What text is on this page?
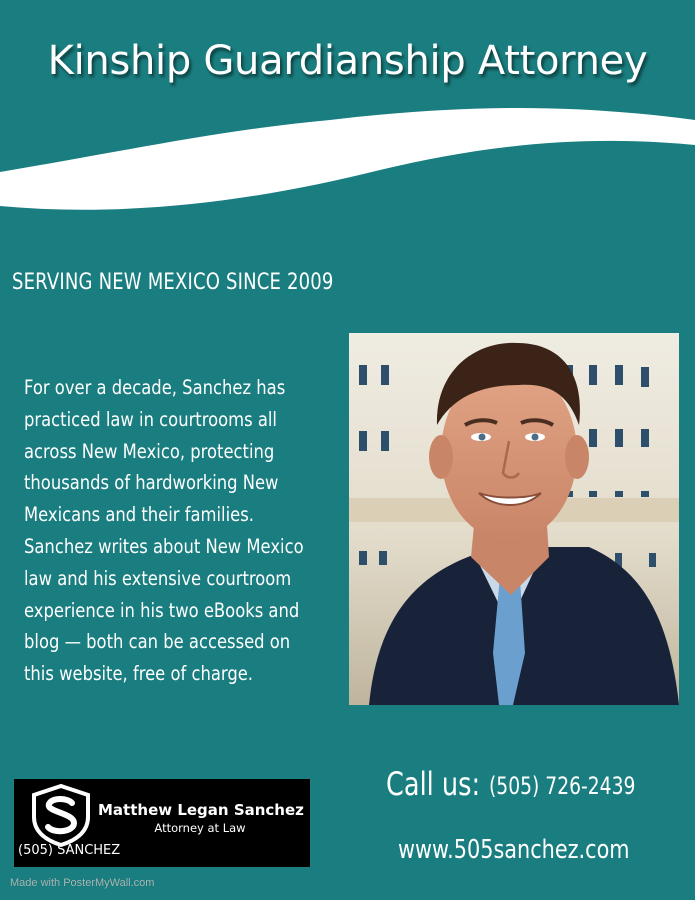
Kinship Guardianship Attorney
SERVING NEW MEXICO SINCE 2009
For over a decade, Sanchez has
practiced law in courtrooms all
across New Mexico, protecting
thousands of hardworking New
Mexicans and their families.
Sanchez writes about New Mexico
law and his extensive courtroom
experience in his two eBooks and
blog — both can be accessed on
this website, free of charge.
Matthew Legan Sanchez
Attorney at Law
(505) SANCHEZ
Call us: (505) 726-2439
www.505sanchez.com
Made with PosterMyWall.com
